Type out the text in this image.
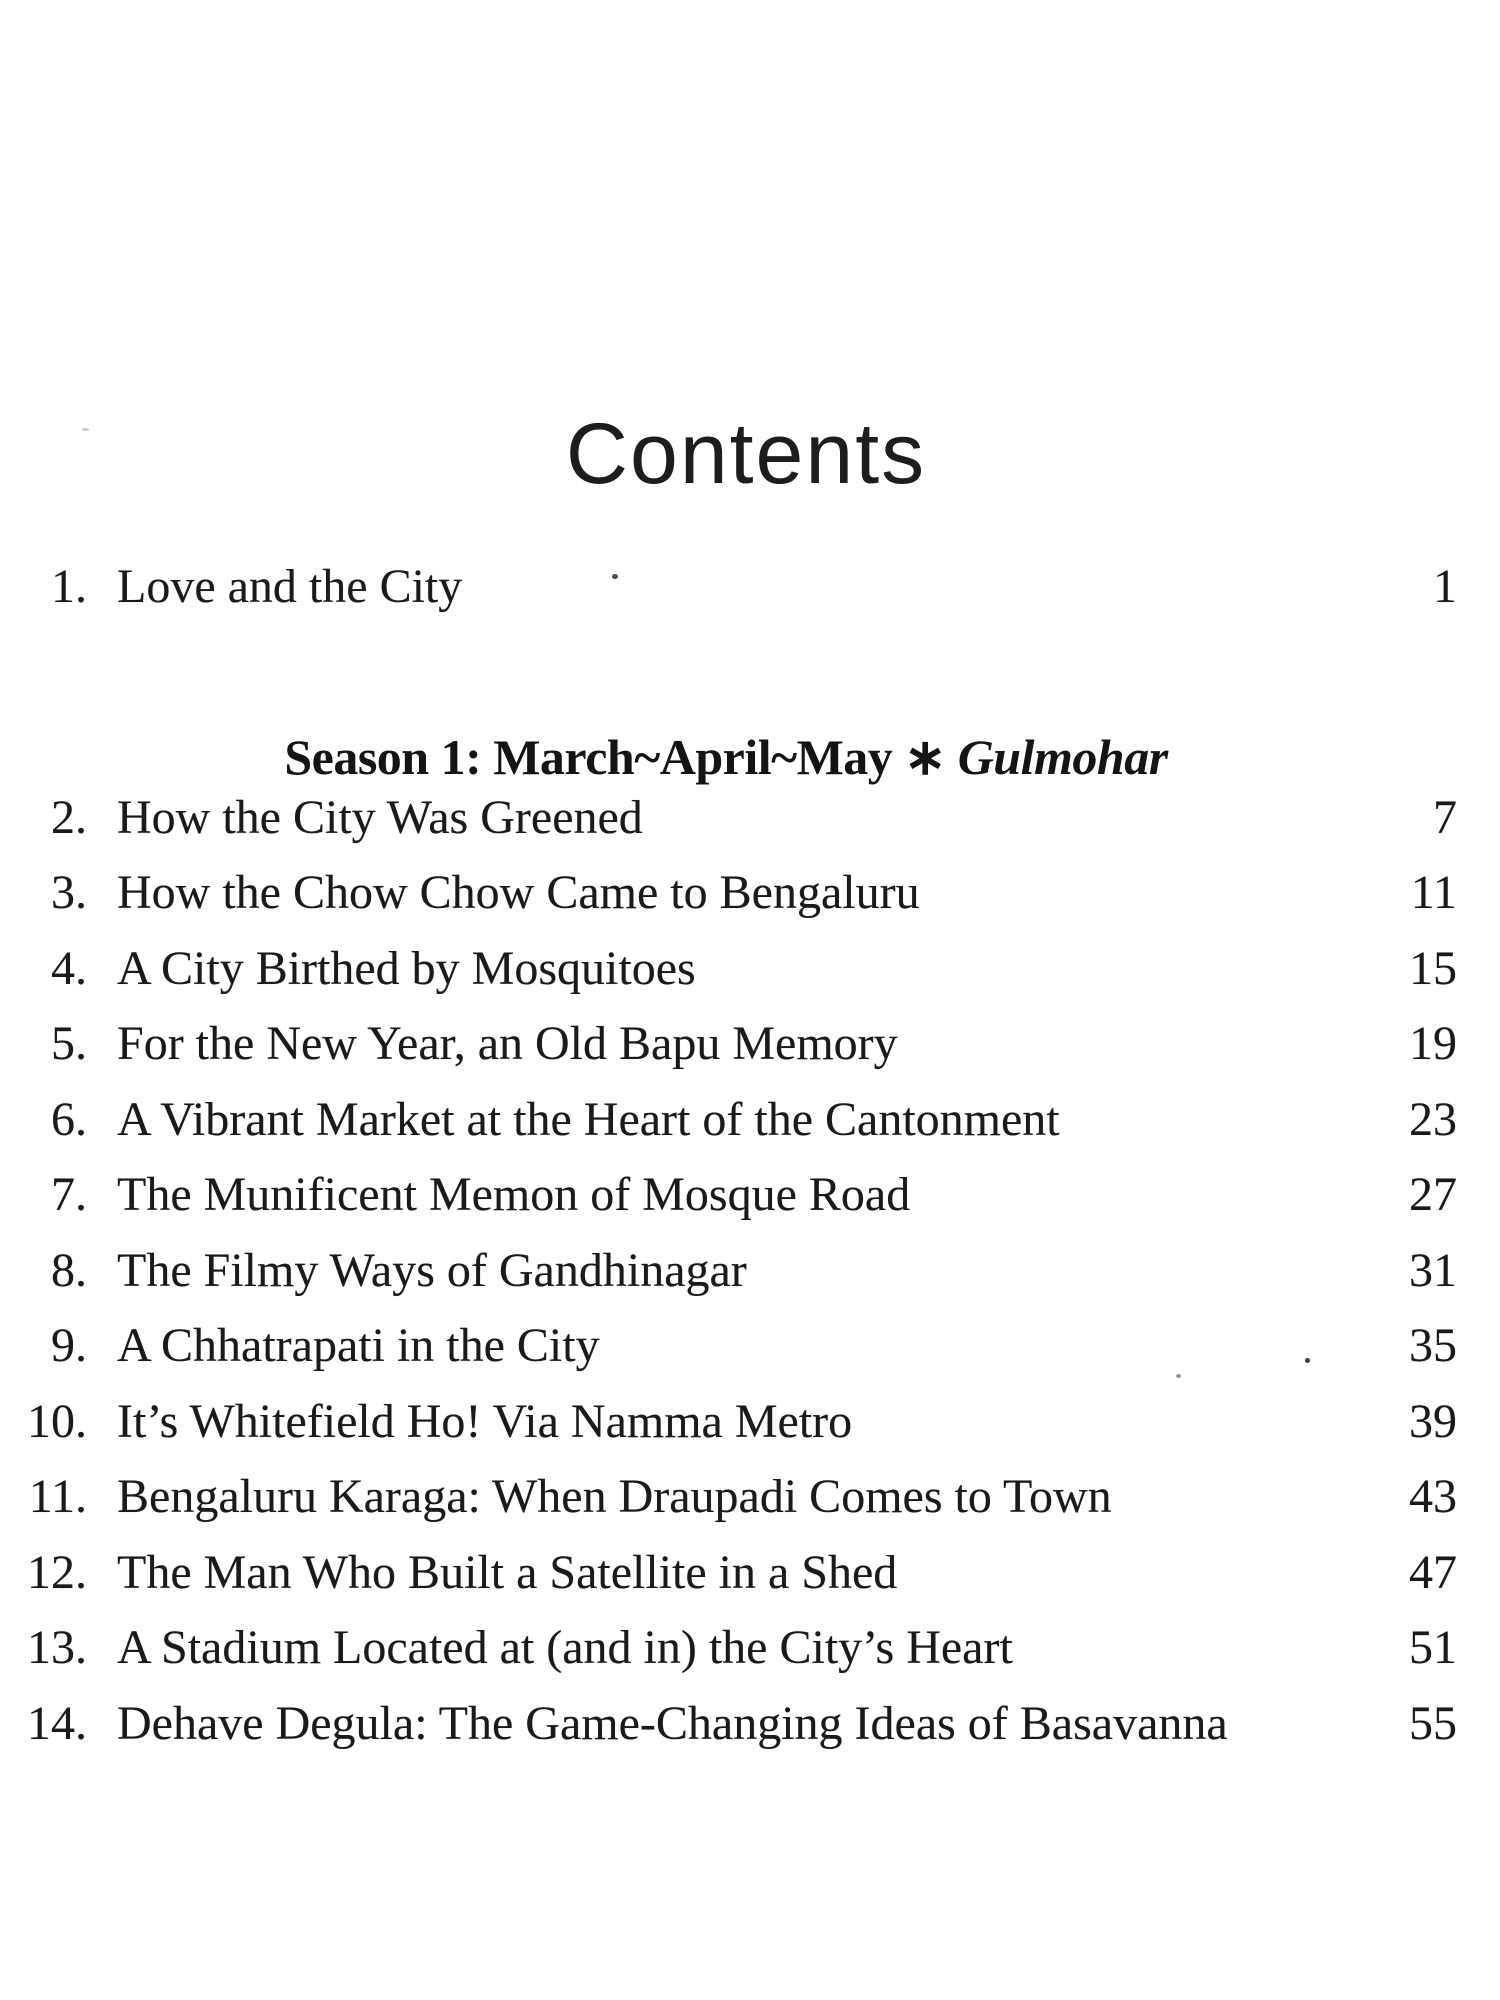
Contents
1. Love and the City	1
Season 1: March~April~May ∗ Gulmohar
2. How the City Was Greened	7
3. How the Chow Chow Came to Bengaluru	11
4. A City Birthed by Mosquitoes	15
5. For the New Year, an Old Bapu Memory	19
6. A Vibrant Market at the Heart of the Cantonment	23
7. The Munificent Memon of Mosque Road	27
8. The Filmy Ways of Gandhinagar	31
9. A Chhatrapati in the City	35
10. It’s Whitefield Ho! Via Namma Metro	39
11. Bengaluru Karaga: When Draupadi Comes to Town	43
12. The Man Who Built a Satellite in a Shed	47
13. A Stadium Located at (and in) the City’s Heart	51
14. Dehave Degula: The Game-Changing Ideas of Basavanna	55
